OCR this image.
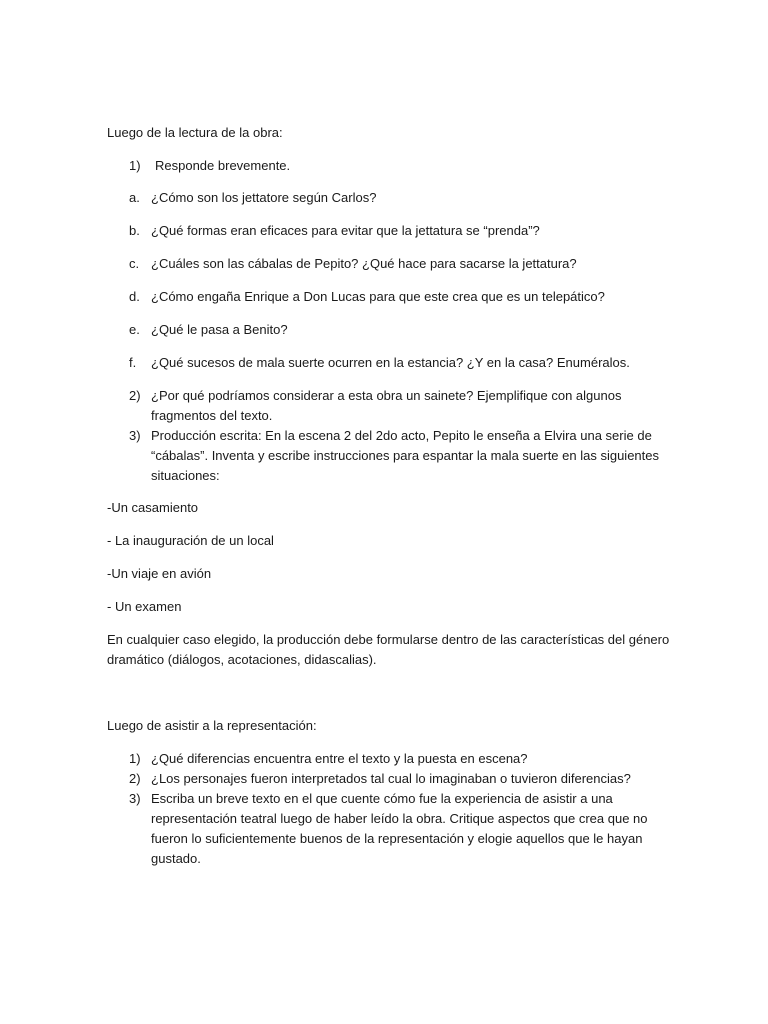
Luego de la lectura de la obra:
1) Responde brevemente.
a. ¿Cómo son los jettatore según Carlos?
b. ¿Qué formas eran eficaces para evitar que la jettatura se “prenda”?
c. ¿Cuáles son las cábalas de Pepito? ¿Qué hace para sacarse la jettatura?
d. ¿Cómo engaña Enrique a Don Lucas para que este crea que es un telepático?
e. ¿Qué le pasa a Benito?
f. ¿Qué sucesos de mala suerte ocurren en la estancia? ¿Y en la casa? Enuméralos.
2) ¿Por qué podríamos considerar a esta obra un sainete? Ejemplifique con algunos
fragmentos del texto.
3) Producción escrita: En la escena 2 del 2do acto, Pepito le enseña a Elvira una serie de
“cábalas”. Inventa y escribe instrucciones para espantar la mala suerte en las siguientes
situaciones:
-Un casamiento
- La inauguración de un local
-Un viaje en avión
- Un examen
En cualquier caso elegido, la producción debe formularse dentro de las características del género
dramático (diálogos, acotaciones, didascalias).
Luego de asistir a la representación:
1) ¿Qué diferencias encuentra entre el texto y la puesta en escena?
2) ¿Los personajes fueron interpretados tal cual lo imaginaban o tuvieron diferencias?
3) Escriba un breve texto en el que cuente cómo fue la experiencia de asistir a una
representación teatral luego de haber leído la obra. Critique aspectos que crea que no
fueron lo suficientemente buenos de la representación y elogie aquellos que le hayan
gustado.
